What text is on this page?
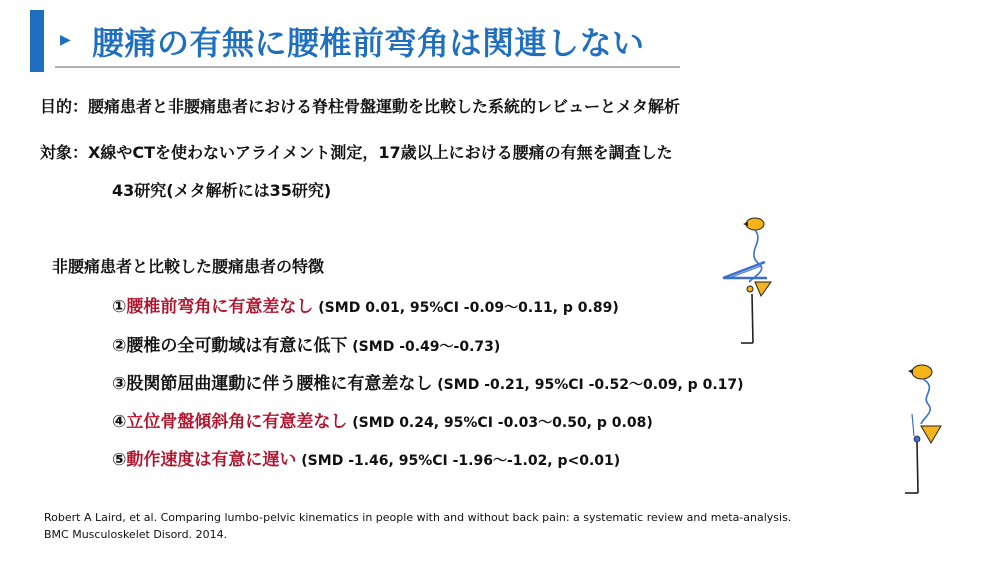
▶ 腰痛の有無に腰椎前弯角は関連しない
目的：腰痛患者と非腰痛患者における脊柱骨盤運動を比較した系統的レビューとメタ解析
対象：X線やCTを使わないアライメント測定，17歳以上における腰痛の有無を調査した
43研究(メタ解析には35研究)
非腰痛患者と比較した腰痛患者の特徴
①腰椎前弯角に有意差なし (SMD 0.01, 95%CI -0.09～0.11, p 0.89)
②腰椎の全可動域は有意に低下 (SMD -0.49～-0.73)
③股関節屈曲運動に伴う腰椎に有意差なし (SMD -0.21, 95%CI -0.52～0.09, p 0.17)
④立位骨盤傾斜角に有意差なし (SMD 0.24, 95%CI -0.03～0.50, p 0.08)
⑤動作速度は有意に遅い (SMD -1.46, 95%CI -1.96～-1.02, p<0.01)
Robert A Laird, et al. Comparing lumbo-pelvic kinematics in people with and without back pain: a systematic review and meta-analysis.
BMC Musculoskelet Disord. 2014.
